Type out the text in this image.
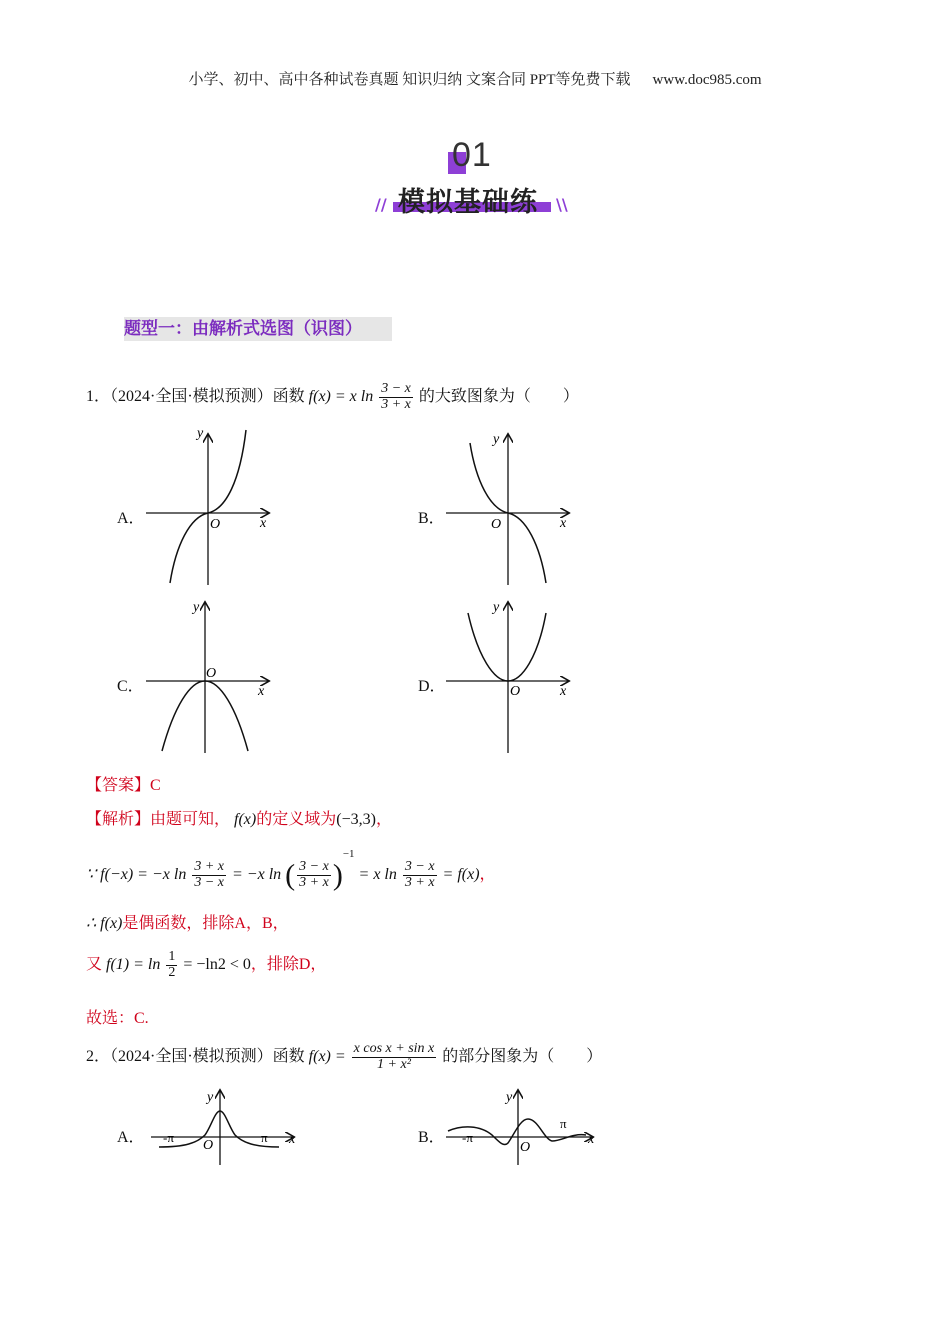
小学、初中、高中各种试卷真题 知识归纳 文案合同 PPT等免费下载 www.doc985.com
01
模拟基础练
//	\\
题型一：由解析式选图（识图）
1．（2024·全国·模拟预测）函数 f(x) = x $\ln \frac{3 - x}{3 + x}$ 的大致图象为（　　）
A．	B．
C．	D．
y
x
O
y
x
O
y
x
O
y
x
O
【答案】C
【解析】由题可知， f(x)的定义域为(−3,3)，
∵ f(−x) = −x $\ln \frac{3 + x}{3 - x} = -x$ ln ( $\frac{3 - x}{3 + x} )^{-1} = x$ $\ln \frac{3 - x}{3 + x} = f(x)$，
∴ f(x)是偶函数，排除A，B，
又 $f(1) = \ln \frac{1}{2} = -\ln 2 < 0$，排除D，
故选：C.
2．（2024·全国·模拟预测）函数 $f(x) = \frac{\text{x cos x + sin x}}{\text{1 + x²}}$ 的部分图象为（　　）
A．	B．
y
x
O
-π	π
y
x
O
-π
π
